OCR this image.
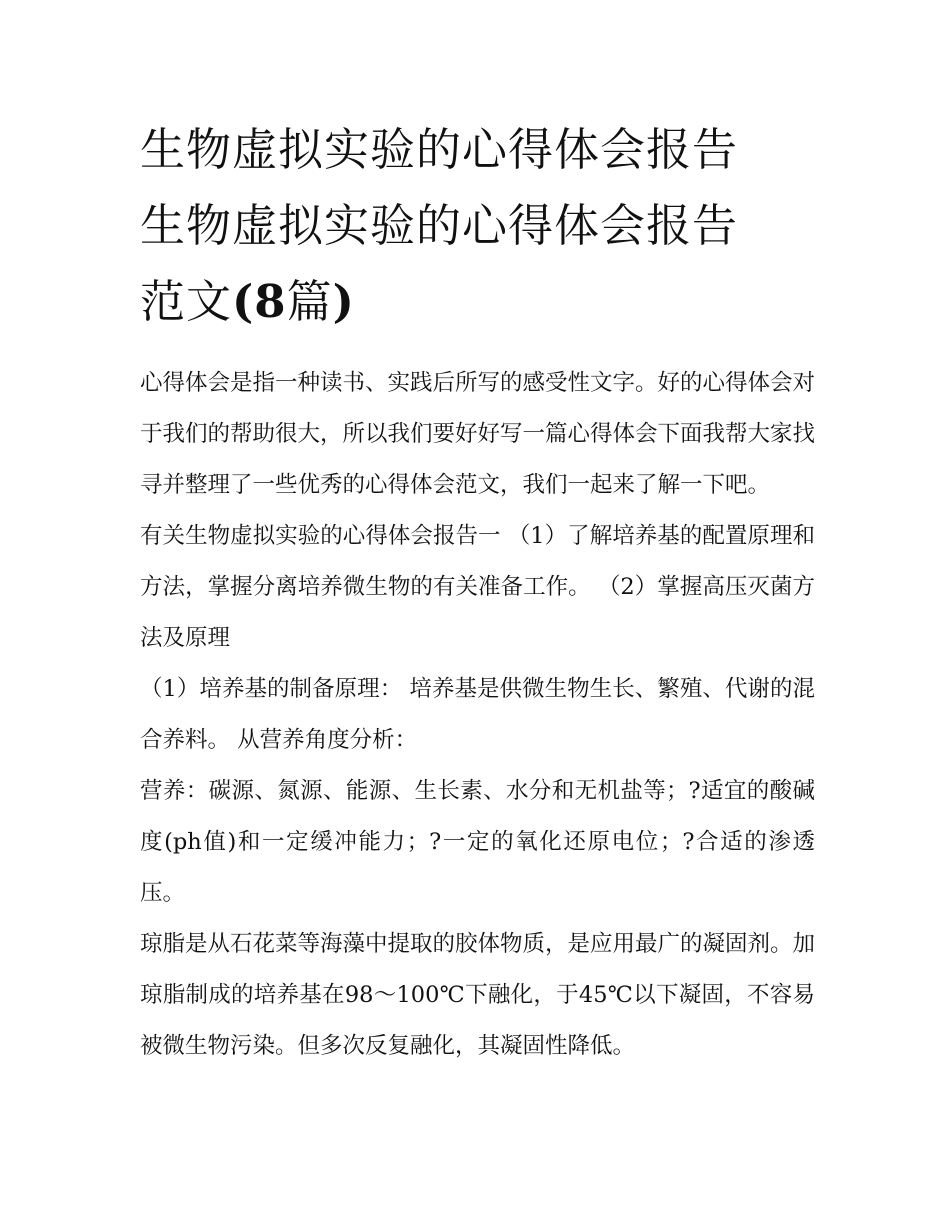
生物虚拟实验的心得体会报告
生物虚拟实验的心得体会报告
范文(8篇)

心得体会是指一种读书、实践后所写的感受性文字。好的心得体会对于我们的帮助很大，所以我们要好好写一篇心得体会下面我帮大家找寻并整理了一些优秀的心得体会范文，我们一起来了解一下吧。

有关生物虚拟实验的心得体会报告一 （1）了解培养基的配置原理和方法，掌握分离培养微生物的有关准备工作。 （2）掌握高压灭菌方法及原理

（1）培养基的制备原理： 培养基是供微生物生长、繁殖、代谢的混合养料。 从营养角度分析：

营养：碳源、氮源、能源、生长素、水分和无机盐等；?适宜的酸碱度(ph值)和一定缓冲能力；?一定的氧化还原电位；?合适的渗透压。

琼脂是从石花菜等海藻中提取的胶体物质，是应用最广的凝固剂。加琼脂制成的培养基在98～100℃下融化，于45℃以下凝固，不容易被微生物污染。但多次反复融化，其凝固性降低。
